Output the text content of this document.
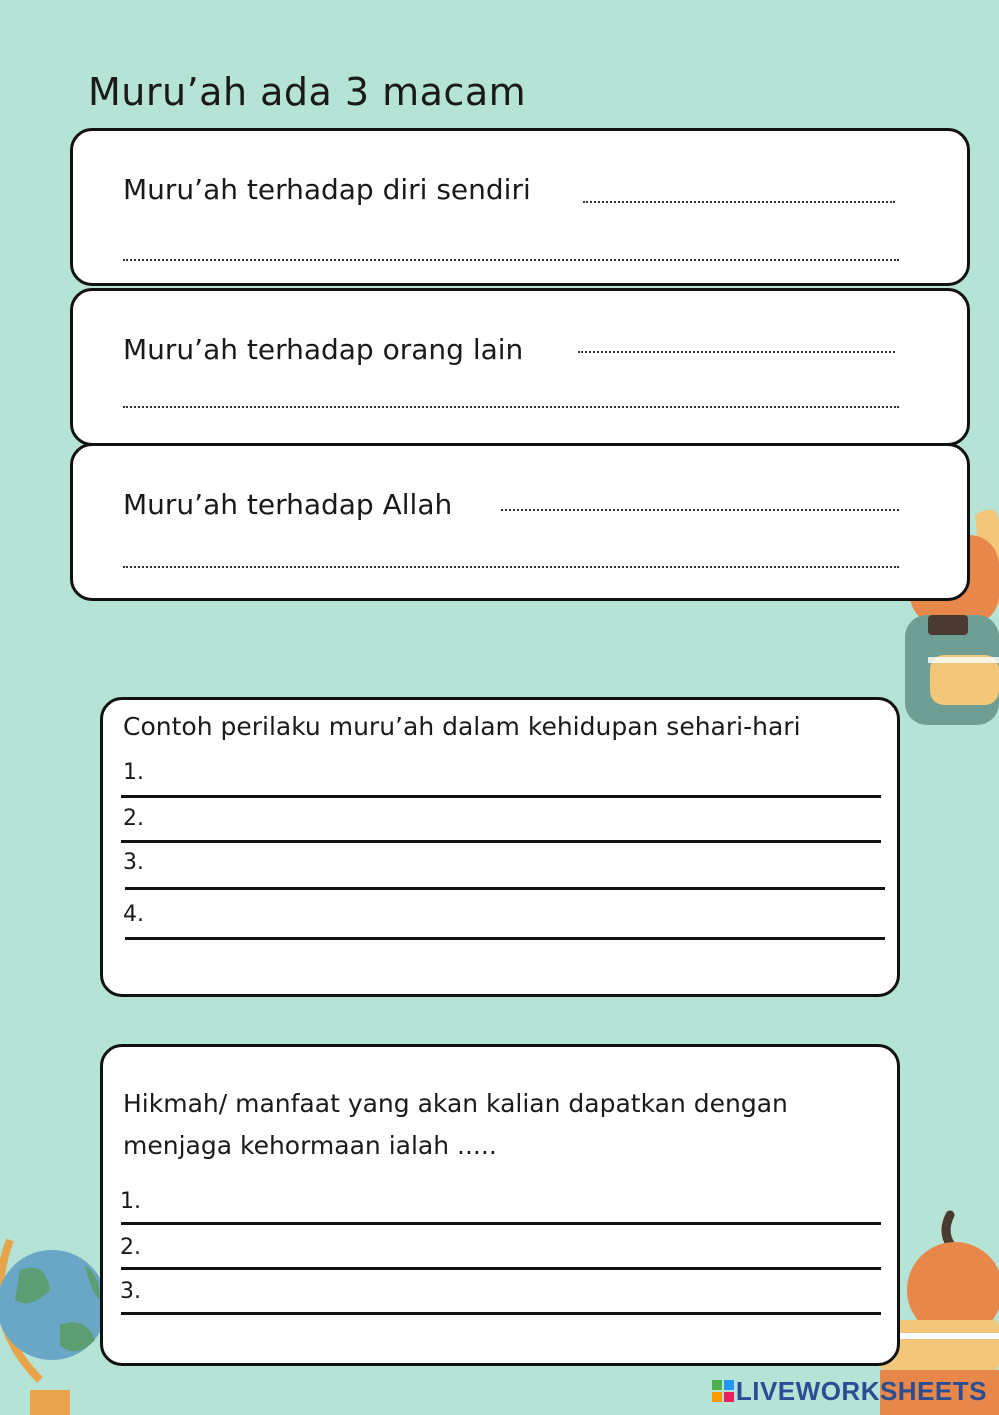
Muru’ah ada 3 macam
Muru’ah terhadap diri sendiri
Muru’ah terhadap orang lain
Muru’ah terhadap Allah
Contoh perilaku muru’ah dalam kehidupan sehari-hari
1.
2.
3.
4.
Hikmah/ manfaat yang akan kalian dapatkan dengan
menjaga kehormaan ialah .....
1.
2.
3.
LIVEWORKSHEETS
